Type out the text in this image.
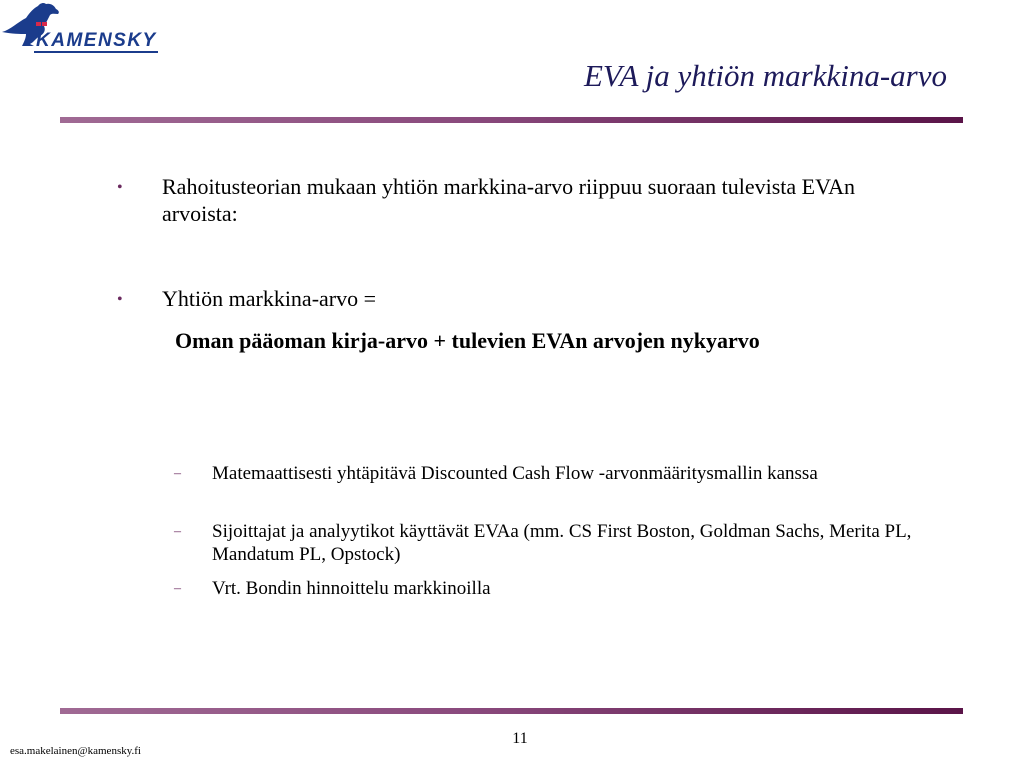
KAMENSKY
EVA ja yhtiön markkina-arvo
• Rahoitusteorian mukaan yhtiön markkina-arvo riippuu suoraan tulevista EVAn arvoista:
• Yhtiön markkina-arvo =
Oman pääoman kirja-arvo + tulevien EVAn arvojen nykyarvo
– Matemaattisesti yhtäpitävä Discounted Cash Flow -arvonmääritysmallin kanssa
– Sijoittajat ja analyytikot käyttävät EVAa (mm. CS First Boston, Goldman Sachs, Merita PL, Mandatum PL, Opstock)
– Vrt. Bondin hinnoittelu markkinoilla
11
esa.makelainen@kamensky.fi
